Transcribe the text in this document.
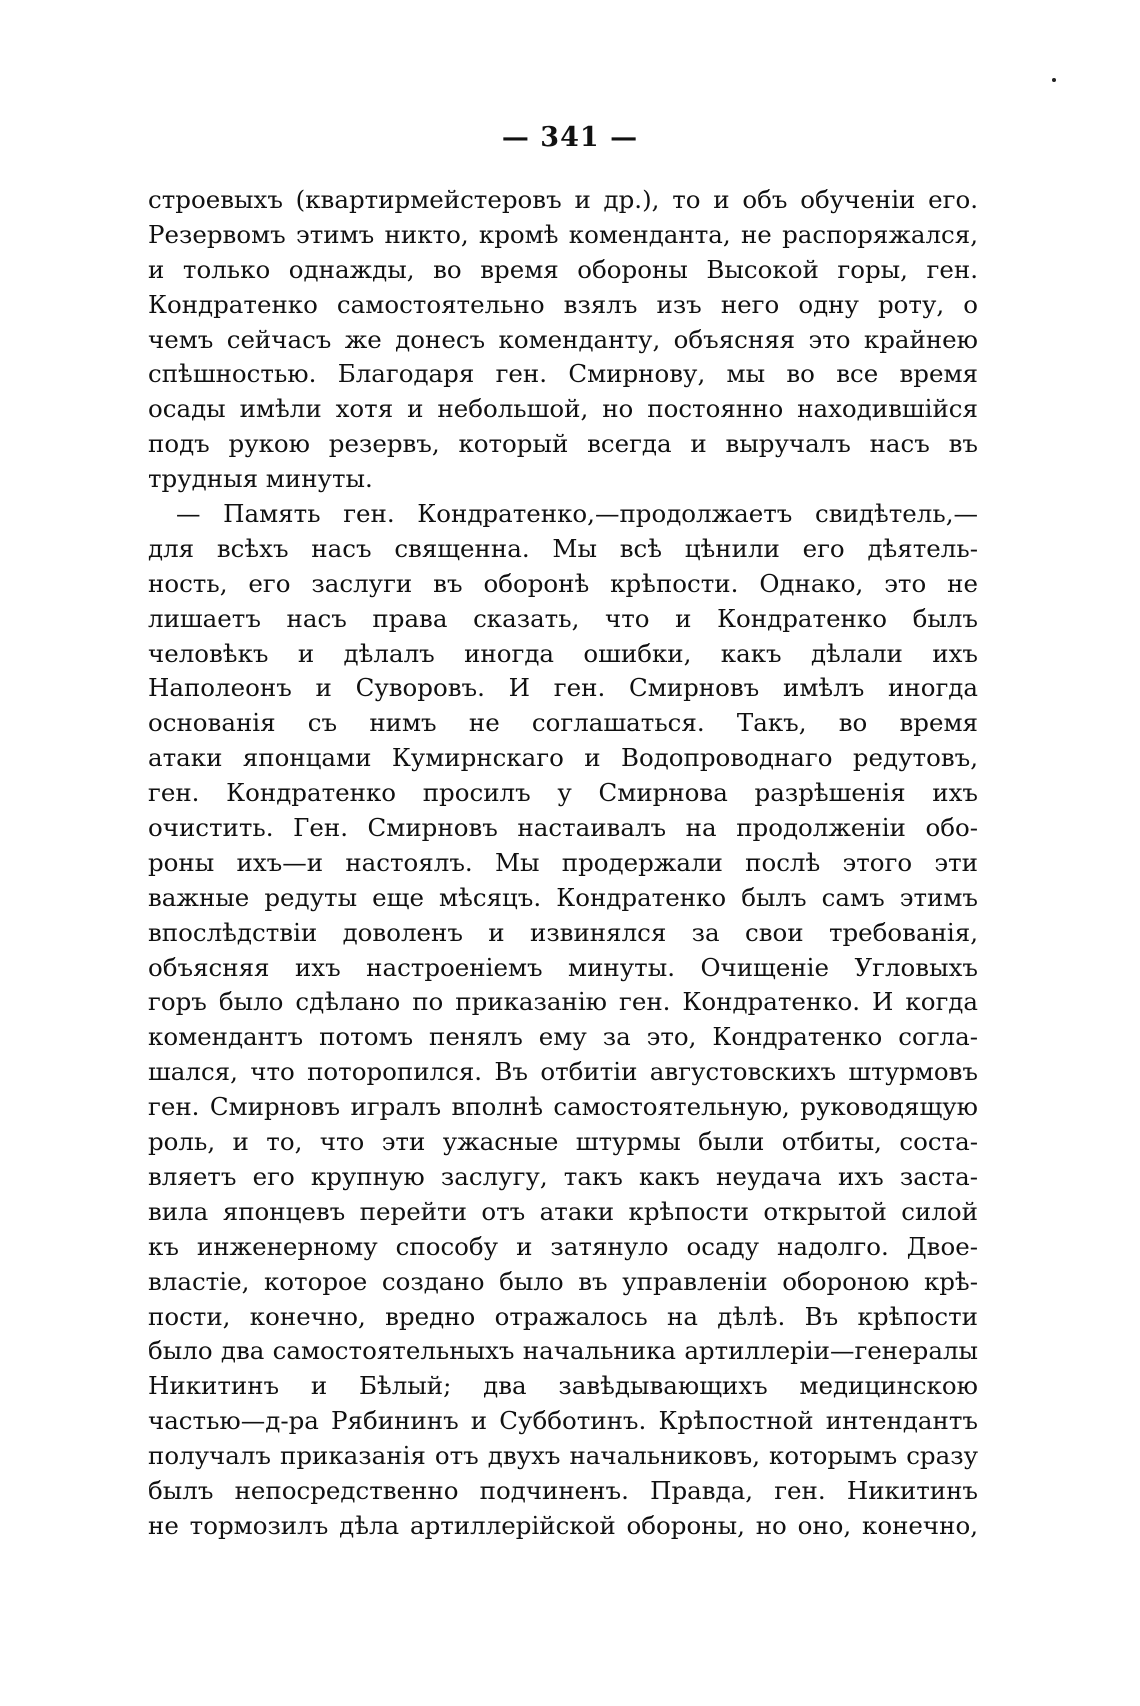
— 341 —
строевыхъ (квартирмейстеровъ и др.), то и объ обученіи его.
Резервомъ этимъ никто, кромѣ коменданта, не распоряжался,
и только однажды, во время обороны Высокой горы, ген.
Кондратенко самостоятельно взялъ изъ него одну роту, о
чемъ сейчасъ же донесъ коменданту, объясняя это крайнею
спѣшностью. Благодаря ген. Смирнову, мы во все время
осады имѣли хотя и небольшой, но постоянно находившійся
подъ рукою резервъ, который всегда и выручалъ насъ въ
трудныя минуты.
— Память ген. Кондратенко,—продолжаетъ свидѣтель,—
для всѣхъ насъ священна. Мы всѣ цѣнили его дѣятель-
ность, его заслуги въ оборонѣ крѣпости. Однако, это не
лишаетъ насъ права сказать, что и Кондратенко былъ
человѣкъ и дѣлалъ иногда ошибки, какъ дѣлали ихъ
Наполеонъ и Суворовъ. И ген. Смирновъ имѣлъ иногда
основанія съ нимъ не соглашаться. Такъ, во время
атаки японцами Кумирнскаго и Водопроводнаго редутовъ,
ген. Кондратенко просилъ у Смирнова разрѣшенія ихъ
очистить. Ген. Смирновъ настаивалъ на продолженіи обо-
роны ихъ—и настоялъ. Мы продержали послѣ этого эти
важные редуты еще мѣсяцъ. Кондратенко былъ самъ этимъ
впослѣдствіи доволенъ и извинялся за свои требованія,
объясняя ихъ настроеніемъ минуты. Очищеніе Угловыхъ
горъ было сдѣлано по приказанію ген. Кондратенко. И когда
комендантъ потомъ пенялъ ему за это, Кондратенко согла-
шался, что поторопился. Въ отбитіи августовскихъ штурмовъ
ген. Смирновъ игралъ вполнѣ самостоятельную, руководящую
роль, и то, что эти ужасные штурмы были отбиты, соста-
вляетъ его крупную заслугу, такъ какъ неудача ихъ заста-
вила японцевъ перейти отъ атаки крѣпости открытой силой
къ инженерному способу и затянуло осаду надолго. Двое-
властіе, которое создано было въ управленіи обороною крѣ-
пости, конечно, вредно отражалось на дѣлѣ. Въ крѣпости
было два самостоятельныхъ начальника артиллеріи—генералы
Никитинъ и Бѣлый; два завѣдывающихъ медицинскою
частью—д-ра Рябининъ и Субботинъ. Крѣпостной интендантъ
получалъ приказанія отъ двухъ начальниковъ, которымъ сразу
былъ непосредственно подчиненъ. Правда, ген. Никитинъ
не тормозилъ дѣла артиллерійской обороны, но оно, конечно,
